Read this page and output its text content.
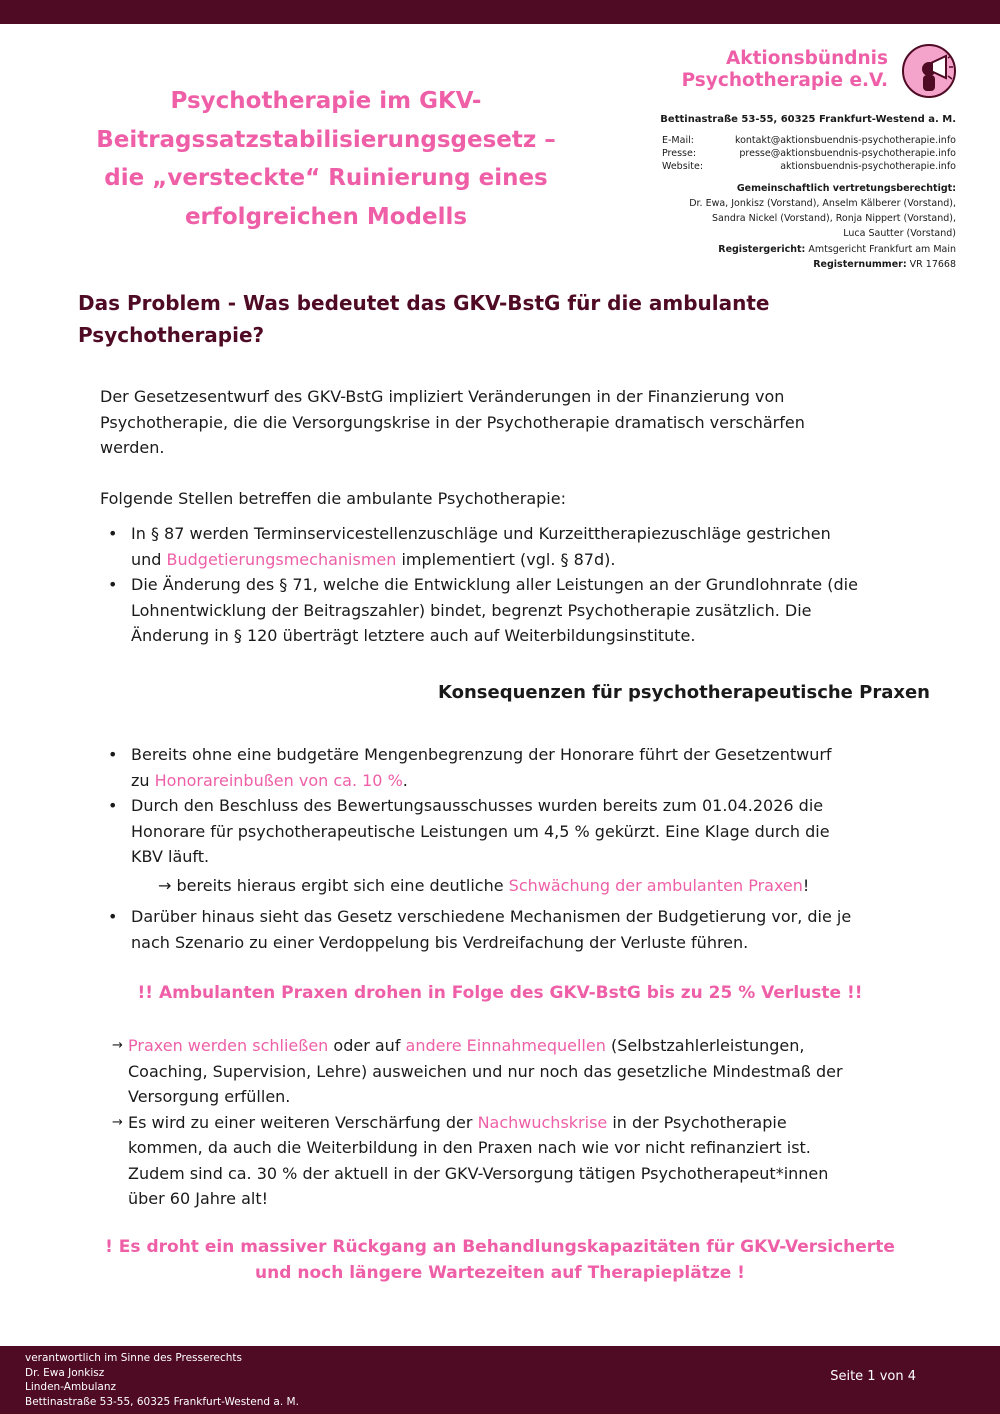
Psychotherapie im GKV-
Beitragssatzstabilisierungsgesetz –
die „versteckte“ Ruinierung eines
erfolgreichen Modells
Aktionsbündnis
Psychotherapie e.V.
Bettinastraße 53-55, 60325 Frankfurt-Westend a. M.
E-Mail:	kontakt@aktionsbuendnis-psychotherapie.info
Presse:	presse@aktionsbuendnis-psychotherapie.info
Website:	aktionsbuendnis-psychotherapie.info
Gemeinschaftlich vertretungsberechtigt:
Dr. Ewa, Jonkisz (Vorstand), Anselm Kälberer (Vorstand),
Sandra Nickel (Vorstand), Ronja Nippert (Vorstand),
Luca Sautter (Vorstand)
Registergericht: Amtsgericht Frankfurt am Main
Registernummer: VR 17668
Das Problem - Was bedeutet das GKV-BstG für die ambulante
Psychotherapie?

Der Gesetzesentwurf des GKV-BstG impliziert Veränderungen in der Finanzierung von
Psychotherapie, die die Versorgungskrise in der Psychotherapie dramatisch verschärfen
werden.

Folgende Stellen betreffen die ambulante Psychotherapie:

• In § 87 werden Terminservicestellenzuschläge und Kurzeittherapiezuschläge gestrichen
und Budgetierungsmechanismen implementiert (vgl. § 87d).
• Die Änderung des § 71, welche die Entwicklung aller Leistungen an der Grundlohnrate (die
Lohnentwicklung der Beitragszahler) bindet, begrenzt Psychotherapie zusätzlich. Die
Änderung in § 120 überträgt letztere auch auf Weiterbildungsinstitute.
Konsequenzen für psychotherapeutische Praxen
• Bereits ohne eine budgetäre Mengenbegrenzung der Honorare führt der Gesetzentwurf
zu Honorareinbußen von ca. 10 %.
• Durch den Beschluss des Bewertungsausschusses wurden bereits zum 01.04.2026 die
Honorare für psychotherapeutische Leistungen um 4,5 % gekürzt. Eine Klage durch die
KBV läuft.
→ bereits hieraus ergibt sich eine deutliche Schwächung der ambulanten Praxen!
• Darüber hinaus sieht das Gesetz verschiedene Mechanismen der Budgetierung vor, die je
nach Szenario zu einer Verdoppelung bis Verdreifachung der Verluste führen.

!! Ambulanten Praxen drohen in Folge des GKV-BstG bis zu 25 % Verluste !!

→ Praxen werden schließen oder auf andere Einnahmequellen (Selbstzahlerleistungen,
Coaching, Supervision, Lehre) ausweichen und nur noch das gesetzliche Mindestmaß der
Versorgung erfüllen.
→ Es wird zu einer weiteren Verschärfung der Nachwuchskrise in der Psychotherapie
kommen, da auch die Weiterbildung in den Praxen nach wie vor nicht refinanziert ist.
Zudem sind ca. 30 % der aktuell in der GKV-Versorgung tätigen Psychotherapeut*innen
über 60 Jahre alt!

! Es droht ein massiver Rückgang an Behandlungskapazitäten für GKV-Versicherte
und noch längere Wartezeiten auf Therapieplätze !

verantwortlich im Sinne des Presserechts
Dr. Ewa Jonkisz
Linden-Ambulanz
Bettinastraße 53-55, 60325 Frankfurt-Westend a. M.
Seite 1 von 4
